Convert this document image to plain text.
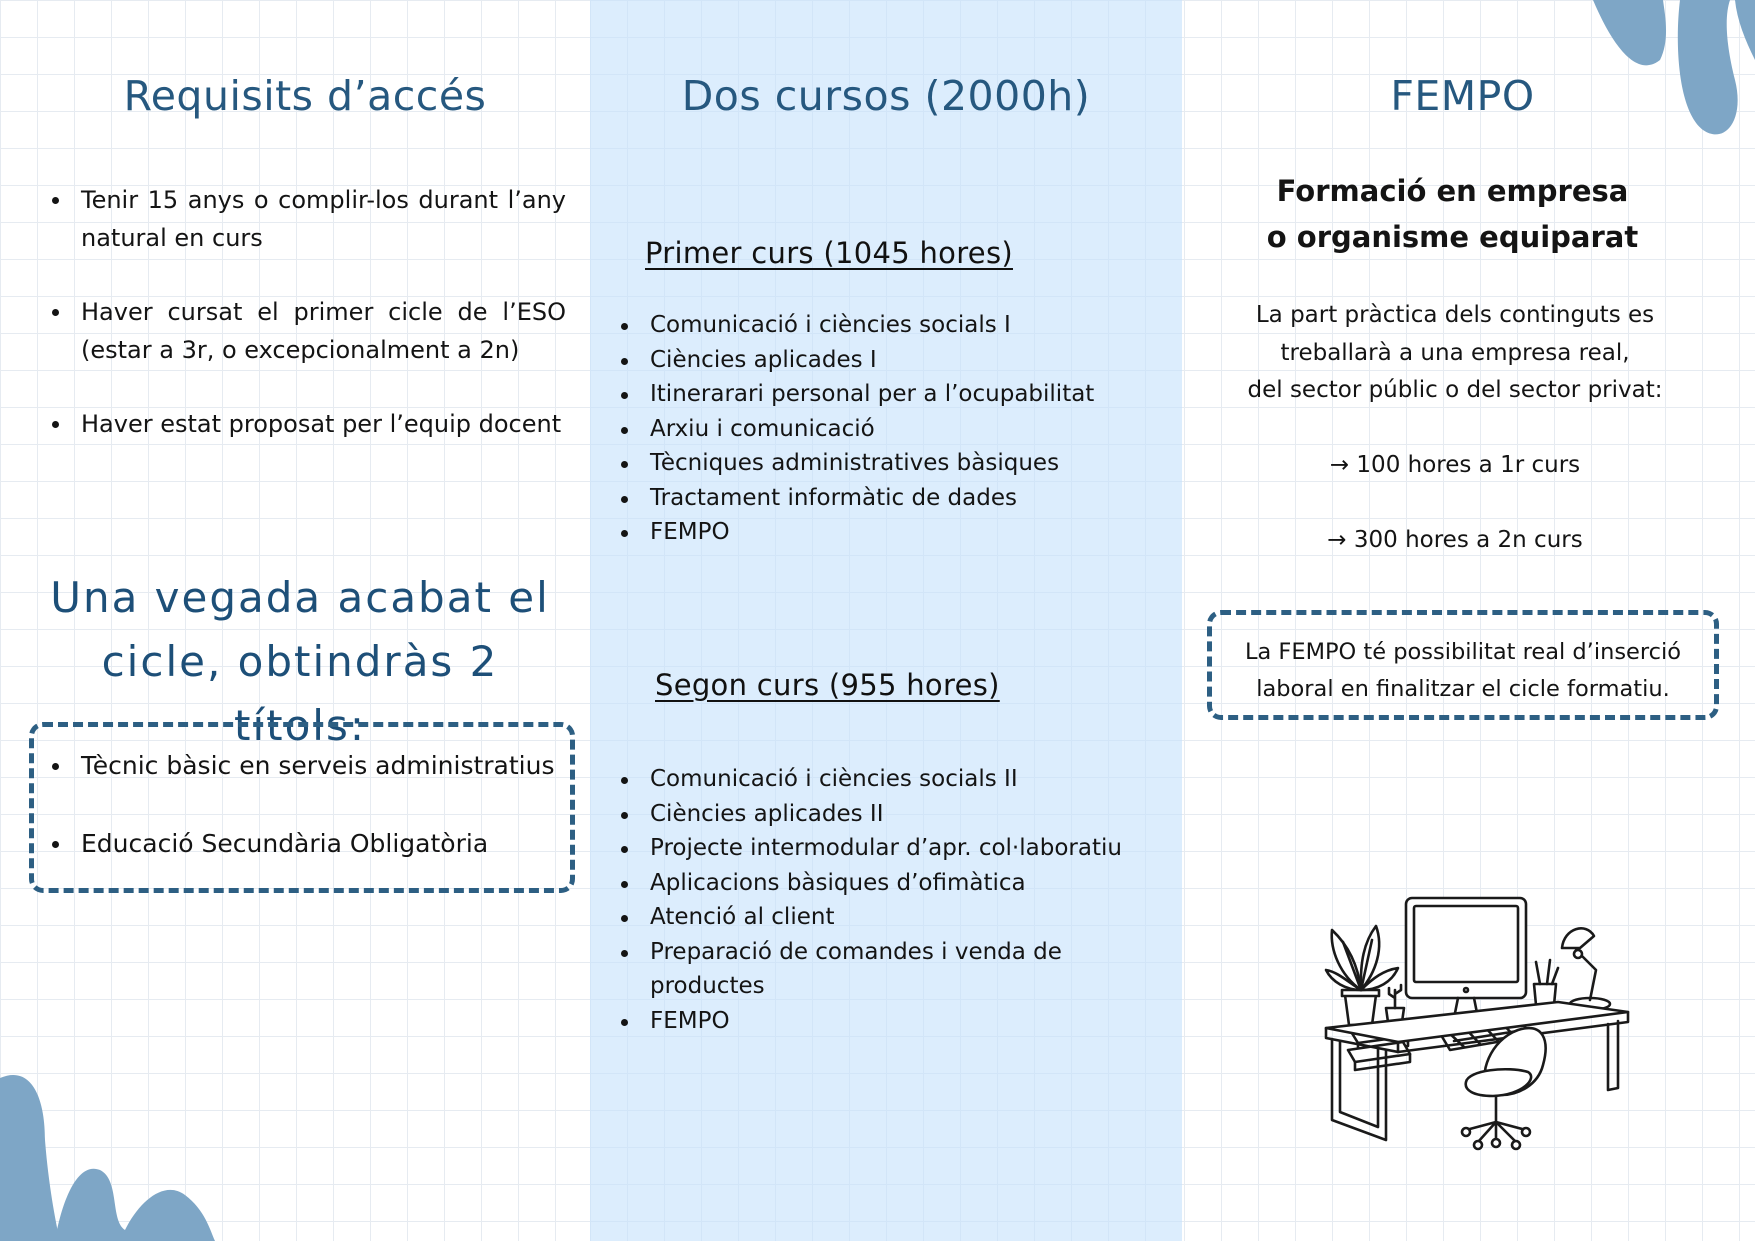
Requisits d’accés
Tenir 15 anys o complir-los durant l’any natural en curs
Haver cursat el primer cicle de l’ESO (estar a 3r, o excepcionalment a 2n)
Haver estat proposat per l’equip docent
Una vegada acabat el
cicle, obtindràs 2 títols:
Tècnic bàsic en serveis administratius
Educació Secundària Obligatòria
Dos cursos (2000h)
Primer curs (1045 hores)
Comunicació i ciències socials I
Ciències aplicades I
Itinerarari personal per a l’ocupabilitat
Arxiu i comunicació
Tècniques administratives bàsiques
Tractament informàtic de dades
FEMPO
Segon curs (955 hores)
Comunicació i ciències socials II
Ciències aplicades II
Projecte intermodular d’apr. col·laboratiu
Aplicacions bàsiques d’ofimàtica
Atenció al client
Preparació de comandes i venda de productes
FEMPO
FEMPO
Formació en empresa
o organisme equiparat
La part pràctica dels continguts es
treballarà a una empresa real,
del sector públic o del sector privat:
→ 100 hores a 1r curs
→ 300 hores a 2n curs
La FEMPO té possibilitat real d’inserció
laboral en finalitzar el cicle formatiu.
